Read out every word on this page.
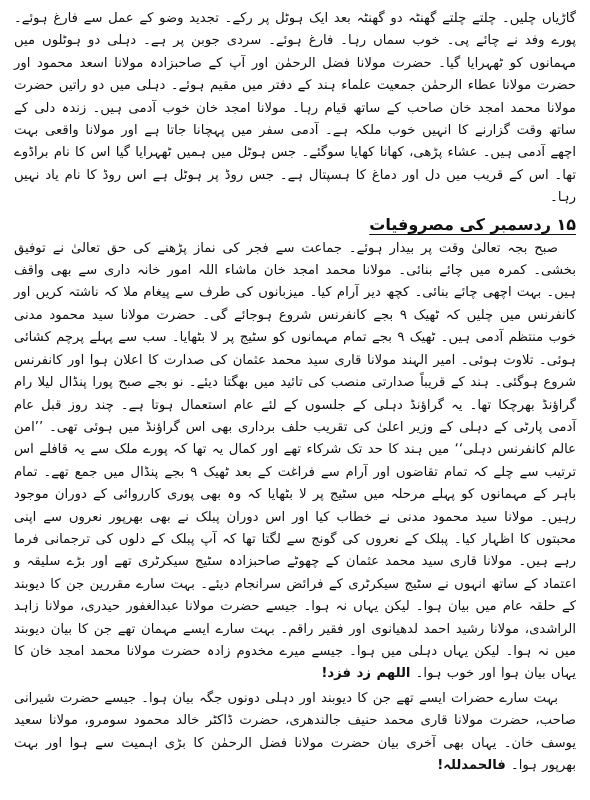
گاڑیاں چلیں۔ چلتے چلتے گھنٹہ دو گھنٹہ بعد ایک ہوٹل پر رکے۔ تجدید وضو کے عمل سے فارغ ہوئے۔ پورے وفد نے چائے پی۔ خوب سماں رہا۔ فارغ ہوئے۔ سردی جوبن پر ہے۔ دہلی دو ہوٹلوں میں مہمانوں کو ٹھہرایا گیا۔ حضرت مولانا فضل الرحمٰن اور آپ کے صاحبزادہ مولانا اسعد محمود اور حضرت مولانا عطاء الرحمٰن جمعیت علماء ہند کے دفتر میں مقیم ہوئے۔ دہلی میں دو راتیں حضرت مولانا محمد امجد خان صاحب کے ساتھ قیام رہا۔ مولانا امجد خان خوب آدمی ہیں۔ زندہ دلی کے ساتھ وقت گزارنے کا انہیں خوب ملکہ ہے۔ آدمی سفر میں پہچانا جاتا ہے اور مولانا واقعی بہت اچھے آدمی ہیں۔ عشاء پڑھی، کھانا کھایا سوگئے۔ جس ہوٹل میں ہمیں ٹھہرایا گیا اس کا نام براڈوے تھا۔ اس کے قریب میں دل اور دماغ کا ہسپتال ہے۔ جس روڈ پر ہوٹل ہے اس روڈ کا نام یاد نہیں رہا۔

۱۵ ردسمبر کی مصروفیات

صبح بجہ تعالیٰ وقت پر بیدار ہوئے۔ جماعت سے فجر کی نماز پڑھنے کی حق تعالیٰ نے توفیق بخشی۔ کمرہ میں چائے بنائی۔ مولانا محمد امجد خان ماشاء اللہ امور خانہ داری سے بھی واقف ہیں۔ بہت اچھی چائے بنائی۔ کچھ دیر آرام کیا۔ میزبانوں کی طرف سے پیغام ملا کہ ناشتہ کریں اور کانفرنس میں چلیں کہ ٹھیک ۹ بجے کانفرنس شروع ہوجائے گی۔ حضرت مولانا سید محمود مدنی خوب منتظم آدمی ہیں۔ ٹھیک ۹ بجے تمام مہمانوں کو سٹیج پر لا بٹھایا۔ سب سے پہلے پرچم کشائی ہوئی۔ تلاوت ہوئی۔ امیر الہند مولانا قاری سید محمد عثمان کی صدارت کا اعلان ہوا اور کانفرنس شروع ہوگئی۔ ہند کے قریباً صدارتی منصب کی تائید میں بھگتا دیئے۔ نو بجے صبح پورا پنڈال لیلا رام گراؤنڈ بھرچکا تھا۔ یہ گراؤنڈ دہلی کے جلسوں کے لئے عام استعمال ہوتا ہے۔ چند روز قبل عام آدمی پارٹی کے دہلی کے وزیر اعلیٰ کی تقریب حلف برداری بھی اس گراؤنڈ میں ہوئی تھی۔ ’’امن عالم کانفرنس دہلی‘‘ میں ہند کا حد تک شرکاء تھے اور کمال یہ تھا کہ پورے ملک سے یہ قافلے اس ترتیب سے چلے کہ تمام تقاضوں اور آرام سے فراغت کے بعد ٹھیک ۹ بجے پنڈال میں جمع تھے۔ تمام باہر کے مہمانوں کو پہلے مرحلہ میں سٹیج پر لا بٹھایا کہ وہ بھی پوری کارروائی کے دوران موجود رہیں۔ مولانا سید محمود مدنی نے خطاب کیا اور اس دوران پبلک نے بھی بھرپور نعروں سے اپنی محبتوں کا اظہار کیا۔ پبلک کے نعروں کی گونج سے لگتا تھا کہ آپ پبلک کے دلوں کی ترجمانی فرما رہے ہیں۔ مولانا قاری سید محمد عثمان کے چھوٹے صاحبزادہ سٹیج سیکرٹری تھے اور بڑے سلیقہ و اعتماد کے ساتھ انہوں نے سٹیج سیکرٹری کے فرائض سرانجام دیئے۔ بہت سارے مقررین جن کا دیوبند کے حلقہ عام میں بیان ہوا۔ لیکن یہاں نہ ہوا۔ جیسے حضرت مولانا عبدالغفور حیدری، مولانا زاہد الراشدی، مولانا رشید احمد لدھیانوی اور فقیر راقم۔ بہت سارے ایسے مہمان تھے جن کا بیان دیوبند میں نہ ہوا۔ لیکن یہاں دہلی میں ہوا۔ جیسے میرے مخدوم زادہ حضرت مولانا محمد امجد خان کا یہاں بیان ہوا اور خوب ہوا۔ اللھم زد فزد!

بہت سارے حضرات ایسے تھے جن کا دیوبند اور دہلی دونوں جگہ بیان ہوا۔ جیسے حضرت شیرانی صاحب، حضرت مولانا قاری محمد حنیف جالندھری، حضرت ڈاکٹر خالد محمود سومرو، مولانا سعید یوسف خان۔ یہاں بھی آخری بیان حضرت مولانا فضل الرحمٰن کا بڑی اہمیت سے ہوا اور بہت بھرپور ہوا۔ فالحمدللہ!
